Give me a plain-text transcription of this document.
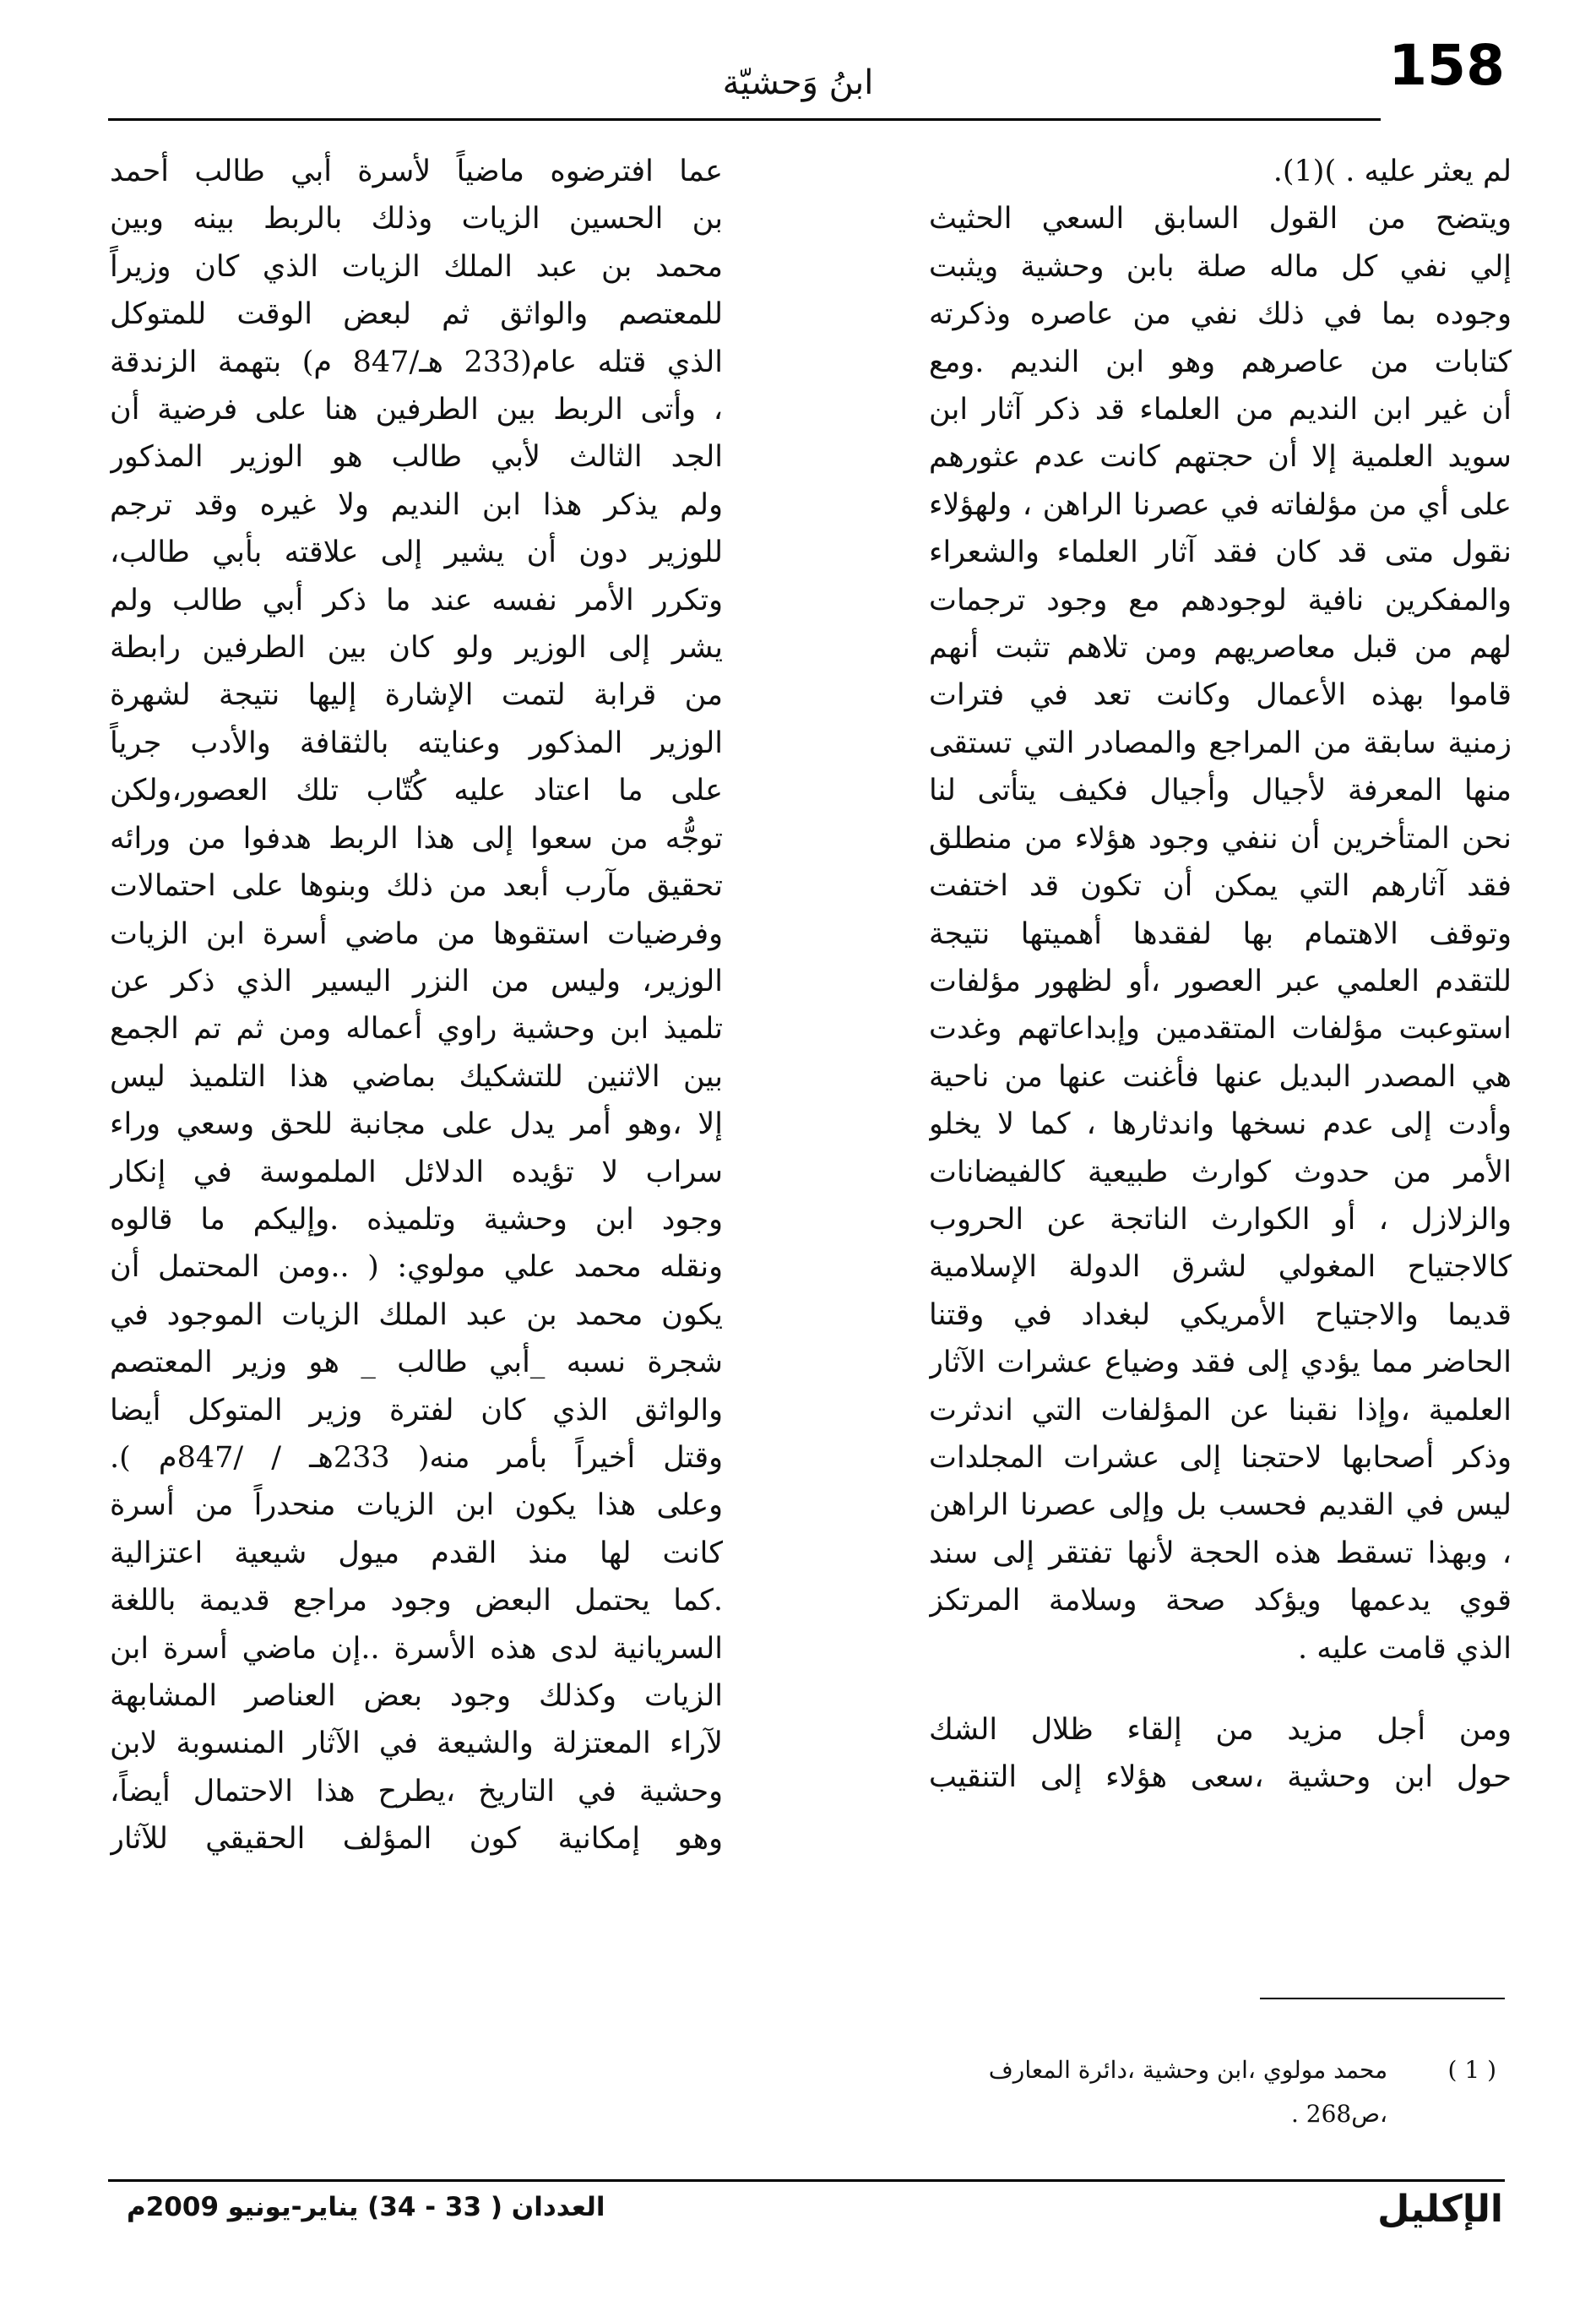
158
ابنُ وَحشيّة

لم يعثر عليه . )(1).

ويتضح من القول السابق السعي الحثيث

إلي نفي كل ماله صلة بابن وحشية ويثبت

وجوده بما في ذلك نفي من عاصره وذكرته

كتابات من عاصرهم وهو ابن النديم .ومع

أن غير ابن النديم من العلماء قد ذكر آثار ابن

سويد العلمية إلا أن حجتهم كانت عدم عثورهم

على أي من مؤلفاته في عصرنا الراهن ، ولهؤلاء

نقول متى قد كان فقد آثار العلماء والشعراء

والمفكرين نافية لوجودهم مع وجود ترجمات

لهم من قبل معاصريهم ومن تلاهم تثبت أنهم

قاموا بهذه الأعمال وكانت تعد في فترات

زمنية سابقة من المراجع والمصادر التي تستقى

منها المعرفة لأجيال وأجيال فكيف يتأتى لنا

نحن المتأخرين أن ننفي وجود هؤلاء من منطلق

فقد آثارهم التي يمكن أن تكون قد اختفت

وتوقف الاهتمام بها لفقدها أهميتها نتيجة

للتقدم العلمي عبر العصور ،أو لظهور مؤلفات

استوعبت مؤلفات المتقدمين وإبداعاتهم وغدت

هي المصدر البديل عنها فأغنت عنها من ناحية

وأدت إلى عدم نسخها واندثارها ، كما لا يخلو

الأمر من حدوث كوارث طبيعية كالفيضانات

والزلازل ، أو الكوارث الناتجة عن الحروب

كالاجتياح المغولي لشرق الدولة الإسلامية

قديما والاجتياح الأمريكي لبغداد في وقتنا

الحاضر مما يؤدي إلى فقد وضياع عشرات الآثار

العلمية ،وإذا نقبنا عن المؤلفات التي اندثرت

وذكر أصحابها لاحتجنا إلى عشرات المجلدات

ليس في القديم فحسب بل وإلى عصرنا الراهن

، وبهذا تسقط هذه الحجة لأنها تفتقر إلى سند

قوي يدعمها ويؤكد صحة وسلامة المرتكز

الذي قامت عليه .

ومن أجل مزيد من إلقاء ظلال الشك

حول ابن وحشية ،سعى هؤلاء إلى التنقيب

عما افترضوه ماضياً لأسرة أبي طالب أحمد

بن الحسين الزيات وذلك بالربط بينه وبين

محمد بن عبد الملك الزيات الذي كان وزيراً

للمعتصم والواثق ثم لبعض الوقت للمتوكل

الذي قتله عام(233 هـ/847 م) بتهمة الزندقة

، وأتى الربط بين الطرفين هنا على فرضية أن

الجد الثالث لأبي طالب هو الوزير المذكور

ولم يذكر هذا ابن النديم ولا غيره وقد ترجم

للوزير دون أن يشير إلى علاقته بأبي طالب،

وتكرر الأمر نفسه عند ما ذكر أبي طالب ولم

يشر إلى الوزير ولو كان بين الطرفين رابطة

من قرابة لتمت الإشارة إليها نتيجة لشهرة

الوزير المذكور وعنايته بالثقافة والأدب جرياً

على ما اعتاد عليه كُتّاب تلك العصور،ولكن

توجُّه من سعوا إلى هذا الربط هدفوا من ورائه

تحقيق مآرب أبعد من ذلك وبنوها على احتمالات

وفرضيات استقوها من ماضي أسرة ابن الزيات

الوزير، وليس من النزر اليسير الذي ذكر عن

تلميذ ابن وحشية راوي أعماله ومن ثم تم الجمع

بين الاثنين للتشكيك بماضي هذا التلميذ ليس

إلا ،وهو أمر يدل على مجانبة للحق وسعي وراء

سراب لا تؤيده الدلائل الملموسة في إنكار

وجود ابن وحشية وتلميذه .وإليكم ما قالوه

ونقله محمد علي مولوي: ( ..ومن المحتمل أن

يكون محمد بن عبد الملك الزيات الموجود في

شجرة نسبه _أبي طالب _ هو وزير المعتصم

والواثق الذي كان لفترة وزير المتوكل أيضا

وقتل أخيراً بأمر منه( 233هـ / /847م ).

وعلى هذا يكون ابن الزيات منحدراً من أسرة

كانت لها منذ القدم ميول شيعية اعتزالية

.كما يحتمل البعض وجود مراجع قديمة باللغة

السريانية لدى هذه الأسرة ..إن ماضي أسرة ابن

الزيات وكذلك وجود بعض العناصر المشابهة

لآراء المعتزلة والشيعة في الآثار المنسوبة لابن

وحشية في التاريخ ،يطرح هذا الاحتمال أيضاً،

وهو إمكانية كون المؤلف الحقيقي للآثار

( 1 ) محمد مولوي ،ابن وحشية ،دائرة المعارف
،ص268 .
الإكليل
العددان ( 33 - 34) يناير-يونيو 2009م
